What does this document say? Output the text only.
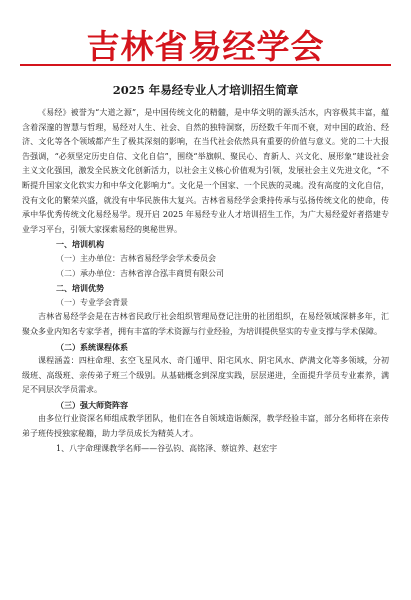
吉林省易经学会
2025 年易经专业人才培训招生简章

《易经》被誉为“大道之源”，是中国传统文化的精髓，是中华文明的源头活水，内容极其丰富，蕴含着深邃的智慧与哲理，易经对人生、社会、自然的独特洞察，历经数千年而不衰，对中国的政治、经济、文化等各个领域都产生了极其深刻的影响，在当代社会依然具有重要的价值与意义。党的二十大报告强调，“必须坚定历史自信、文化自信”，围绕“举旗帜、聚民心、育新人、兴文化、展形象”建设社会主义文化强国，激发全民族文化创新活力，以社会主义核心价值观为引领，发展社会主义先进文化，“不断提升国家文化软实力和中华文化影响力”。文化是一个国家、一个民族的灵魂。没有高度的文化自信，没有文化的繁荣兴盛，就没有中华民族伟大复兴。吉林省易经学会秉持传承与弘扬传统文化的使命，传承中华优秀传统文化易经易学。现开启 2025 年易经专业人才培训招生工作，为广大易经爱好者搭建专业学习平台，引领大家探索易经的奥秘世界。

一、培训机构

（一）主办单位：吉林省易经学会学术委员会

（二）承办单位：吉林省淳合泓丰商贸有限公司

二、培训优势

（一）专业学会背景

吉林省易经学会是在吉林省民政厅社会组织管理局登记注册的社团组织，在易经领域深耕多年，汇聚众多业内知名专家学者，拥有丰富的学术资源与行业经验，为培训提供坚实的专业支撑与学术保障。

（二）系统课程体系

课程涵盖：四柱命理、玄空飞星风水、奇门遁甲、阳宅风水、阴宅风水、萨满文化等多领域，分初级班、高级班、亲传弟子班三个级别。从基础概念到深度实践，层层递进，全面提升学员专业素养，满足不同层次学员需求。

（三）强大师资阵容

由多位行业资深名师组成教学团队，他们在各自领域造诣颇深，教学经验丰富，部分名师将在亲传弟子班传授独家秘籍，助力学员成长为精英人才。

1、八字命理课教学名师——谷弘钧、高铭泽、蔡谊养、赵宏宇
